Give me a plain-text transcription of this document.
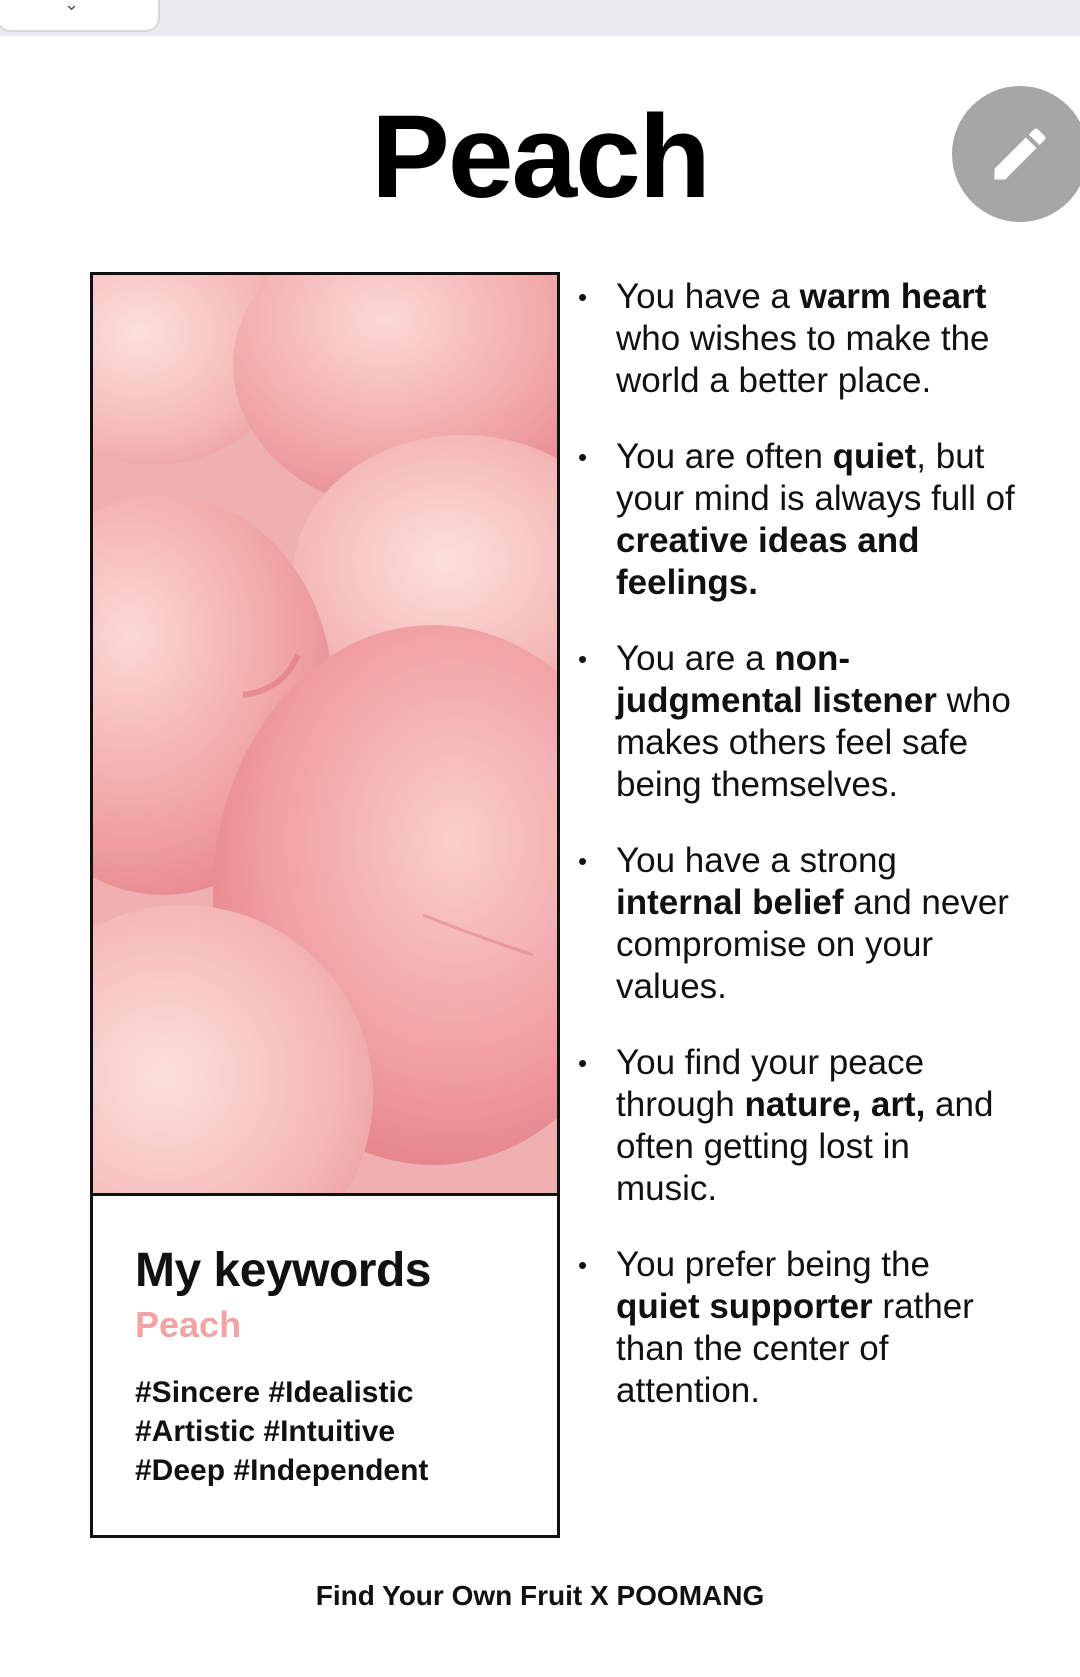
⌄
Peach
My keywords
Peach
#Sincere #Idealistic
#Artistic #Intuitive
#Deep #Independent
• You have a warm heart who wishes to make the world a better place.
• You are often quiet, but your mind is always full of creative ideas and feelings.
• You are a non-judgmental listener who makes others feel safe being themselves.
• You have a strong internal belief and never compromise on your values.
• You find your peace through nature, art, and often getting lost in music.
• You prefer being the quiet supporter rather than the center of attention.
Find Your Own Fruit X POOMANG
